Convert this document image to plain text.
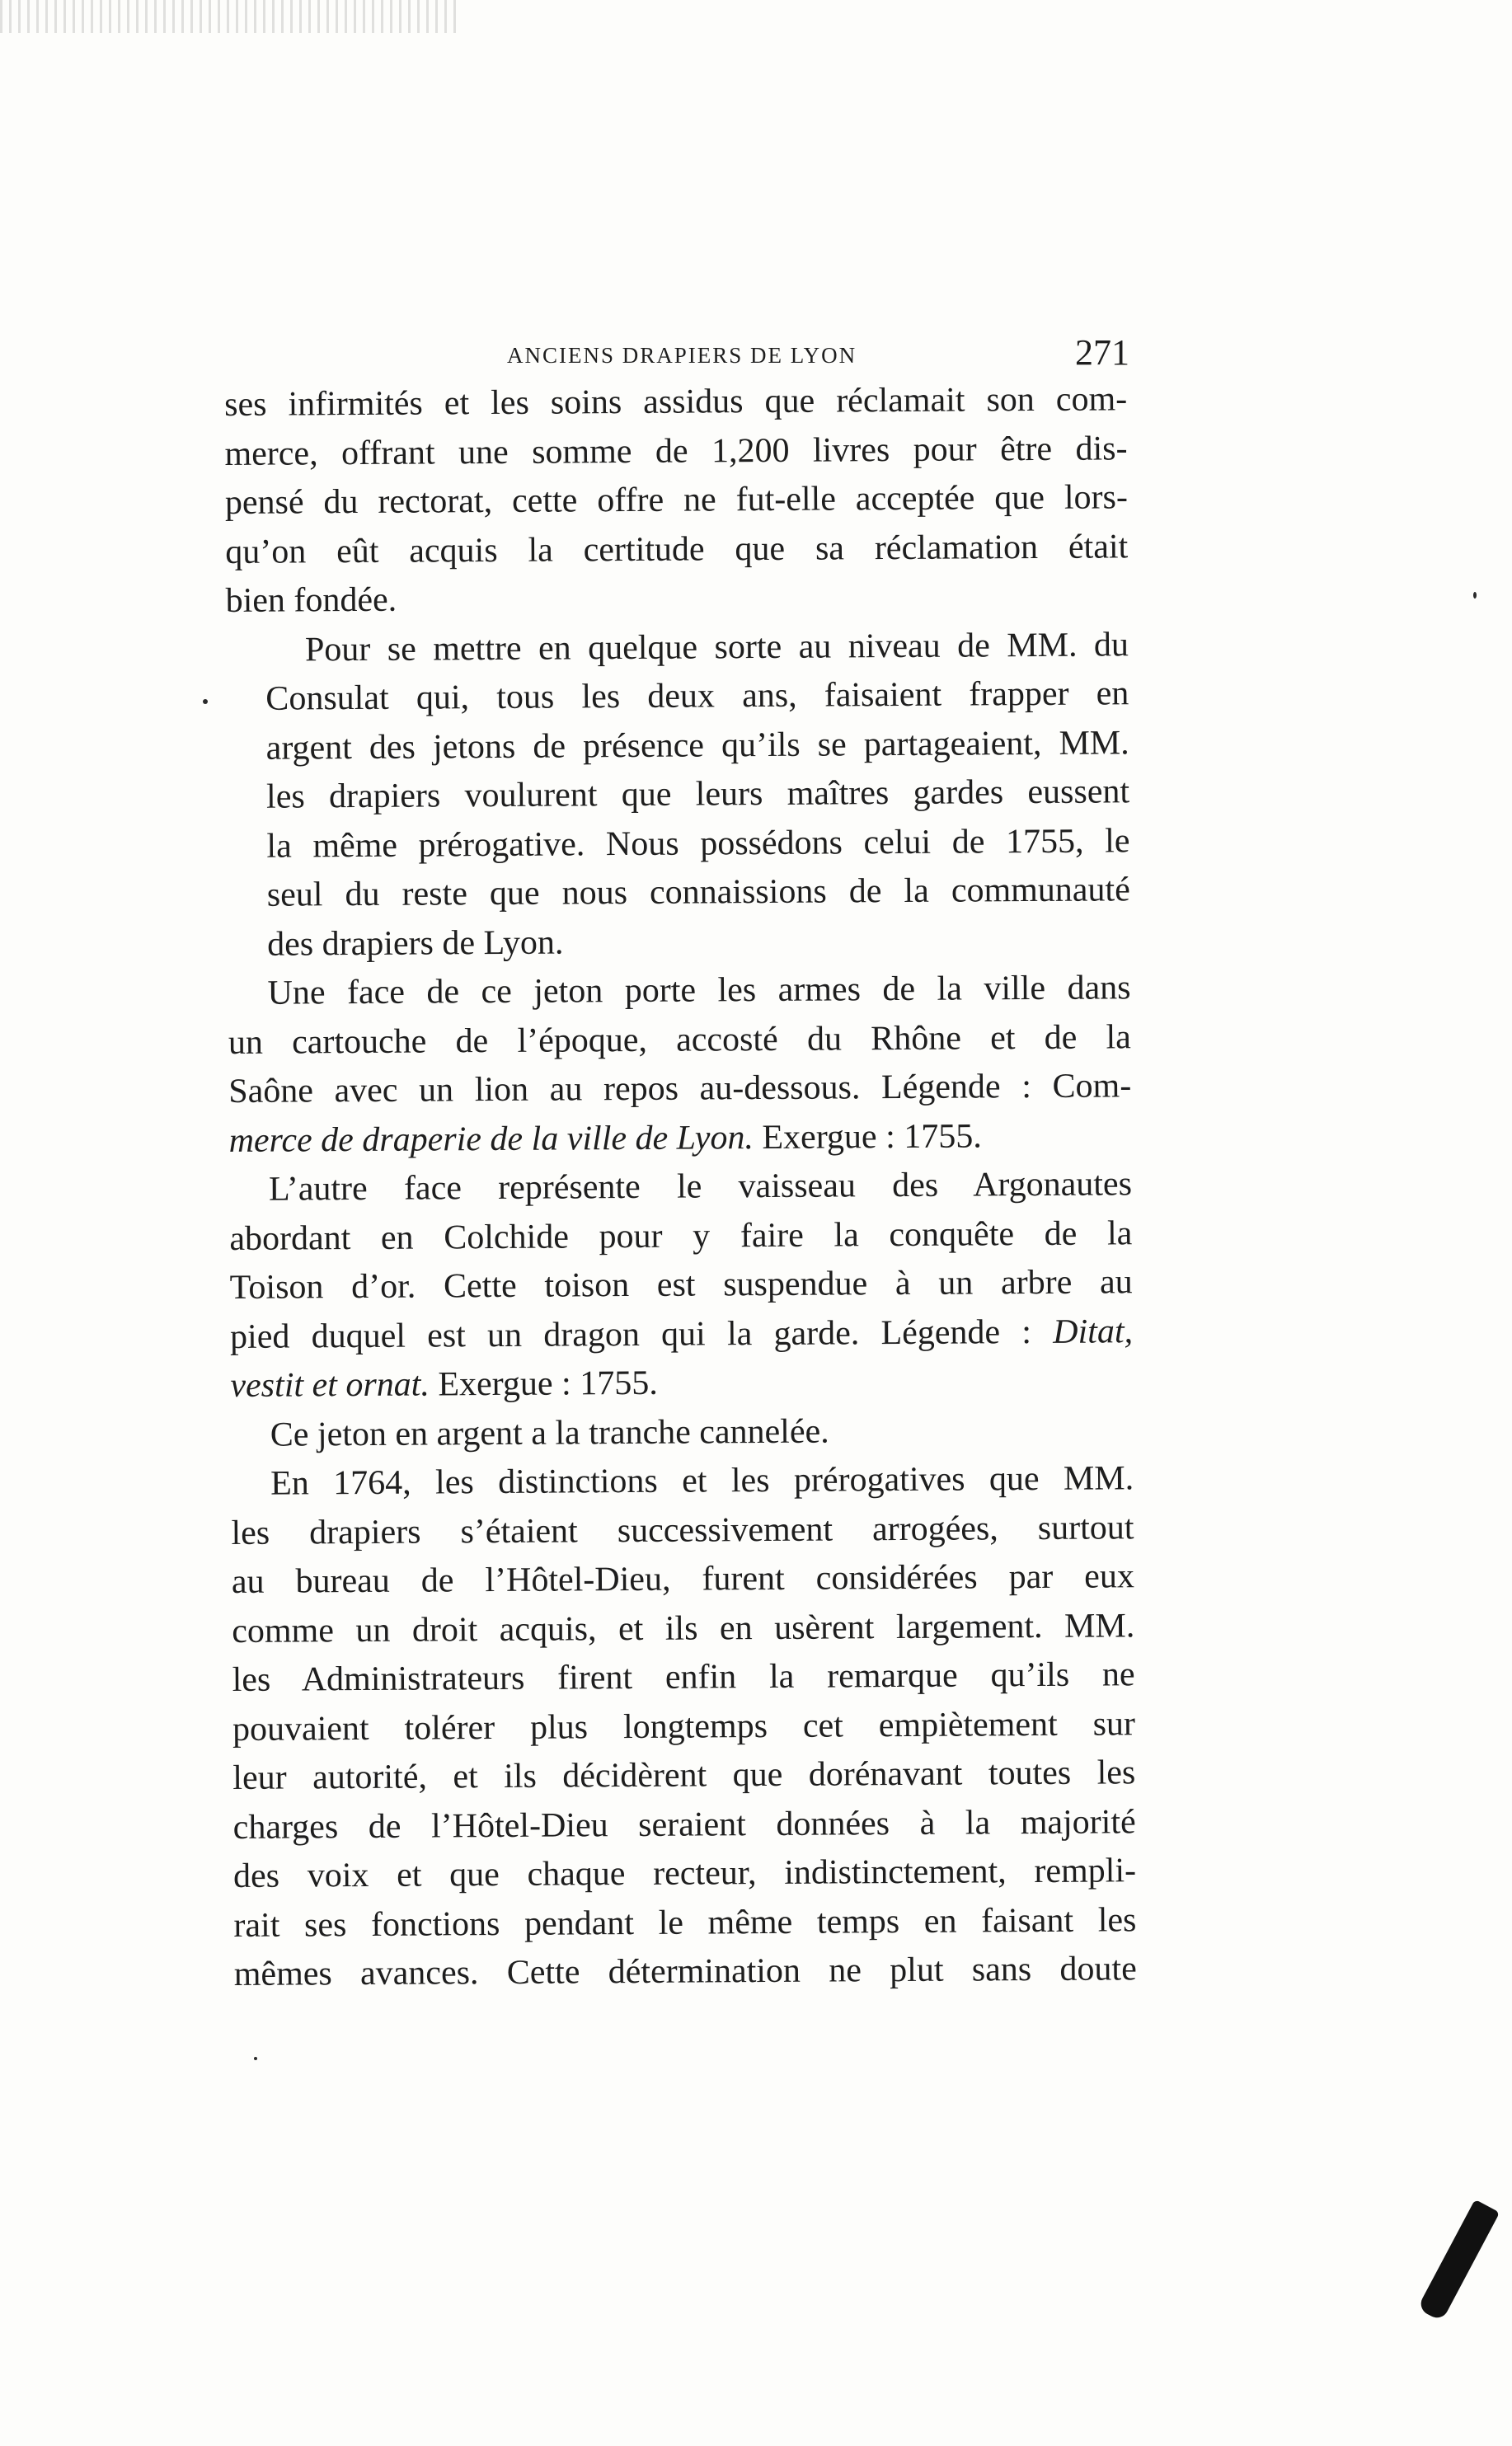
ANCIENS DRAPIERS DE LYON	271

ses infirmités et les soins assidus que réclamait son com-
merce, offrant une somme de 1,200 livres pour être dis-
pensé du rectorat, cette offre ne fut-elle acceptée que lors-
qu’on eût acquis la certitude que sa réclamation était
bien fondée.

Pour se mettre en quelque sorte au niveau de MM. du
Consulat qui, tous les deux ans, faisaient frapper en
argent des jetons de présence qu’ils se partageaient, MM.
les drapiers voulurent que leurs maîtres gardes eussent
la même prérogative. Nous possédons celui de 1755, le
seul du reste que nous connaissions de la communauté
des drapiers de Lyon.

Une face de ce jeton porte les armes de la ville dans
un cartouche de l’époque, accosté du Rhône et de la
Saône avec un lion au repos au-dessous. Légende : Com-
merce de draperie de la ville de Lyon. Exergue : 1755.

L’autre face représente le vaisseau des Argonautes
abordant en Colchide pour y faire la conquête de la
Toison d’or. Cette toison est suspendue à un arbre au
pied duquel est un dragon qui la garde. Légende : Ditat,
vestit et ornat. Exergue : 1755.

Ce jeton en argent a la tranche cannelée.

En 1764, les distinctions et les prérogatives que MM.
les drapiers s’étaient successivement arrogées, surtout
au bureau de l’Hôtel-Dieu, furent considérées par eux
comme un droit acquis, et ils en usèrent largement. MM.
les Administrateurs firent enfin la remarque qu’ils ne
pouvaient tolérer plus longtemps cet empiètement sur
leur autorité, et ils décidèrent que dorénavant toutes les
charges de l’Hôtel-Dieu seraient données à la majorité
des voix et que chaque recteur, indistinctement, rempli-
rait ses fonctions pendant le même temps en faisant les
mêmes avances. Cette détermination ne plut sans doute
